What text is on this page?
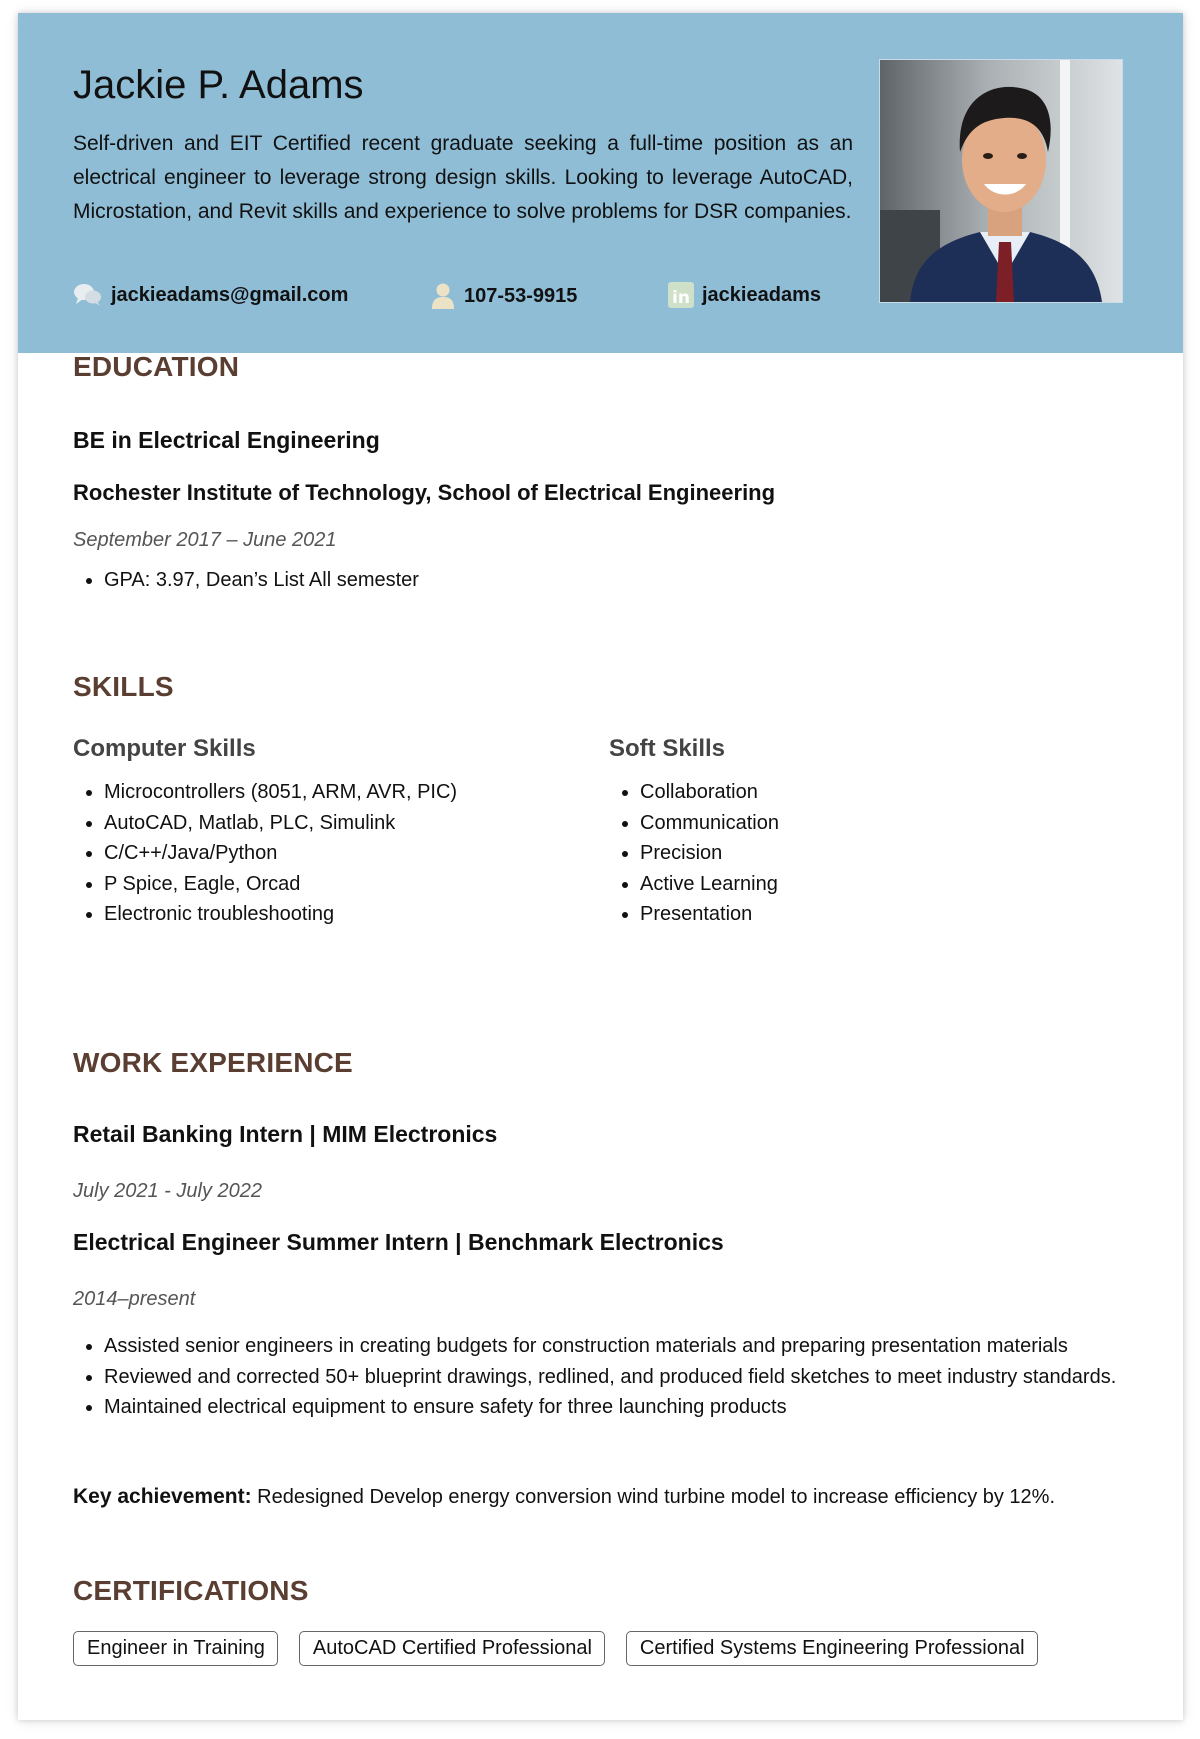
Jackie P. Adams

Self-driven and EIT Certified recent graduate seeking a full-time position as an electrical engineer to leverage strong design skills. Looking to leverage AutoCAD, Microstation, and Revit skills and experience to solve problems for DSR companies.

jackieadams@gmail.com	107-53-9915	in jackieadams
EDUCATION
BE in Electrical Engineering
Rochester Institute of Technology, School of Electrical Engineering

September 2017 – June 2021

• GPA: 3.97, Dean’s List All semester
SKILLS

Computer Skills

• Microcontrollers (8051, ARM, AVR, PIC)
• AutoCAD, Matlab, PLC, Simulink
• C/C++/Java/Python
• P Spice, Eagle, Orcad
• Electronic troubleshooting

Soft Skills

• Collaboration
• Communication
• Precision
• Active Learning
• Presentation
WORK EXPERIENCE
Retail Banking Intern | MIM Electronics

July 2021 - July 2022

Electrical Engineer Summer Intern | Benchmark Electronics

2014–present

• Assisted senior engineers in creating budgets for construction materials and preparing presentation materials
• Reviewed and corrected 50+ blueprint drawings, redlined, and produced field sketches to meet industry standards.
• Maintained electrical equipment to ensure safety for three launching products

Key achievement: Redesigned Develop energy conversion wind turbine model to increase efficiency by 12%.

CERTIFICATIONS
Engineer in Training	AutoCAD Certified Professional	Certified Systems Engineering Professional
